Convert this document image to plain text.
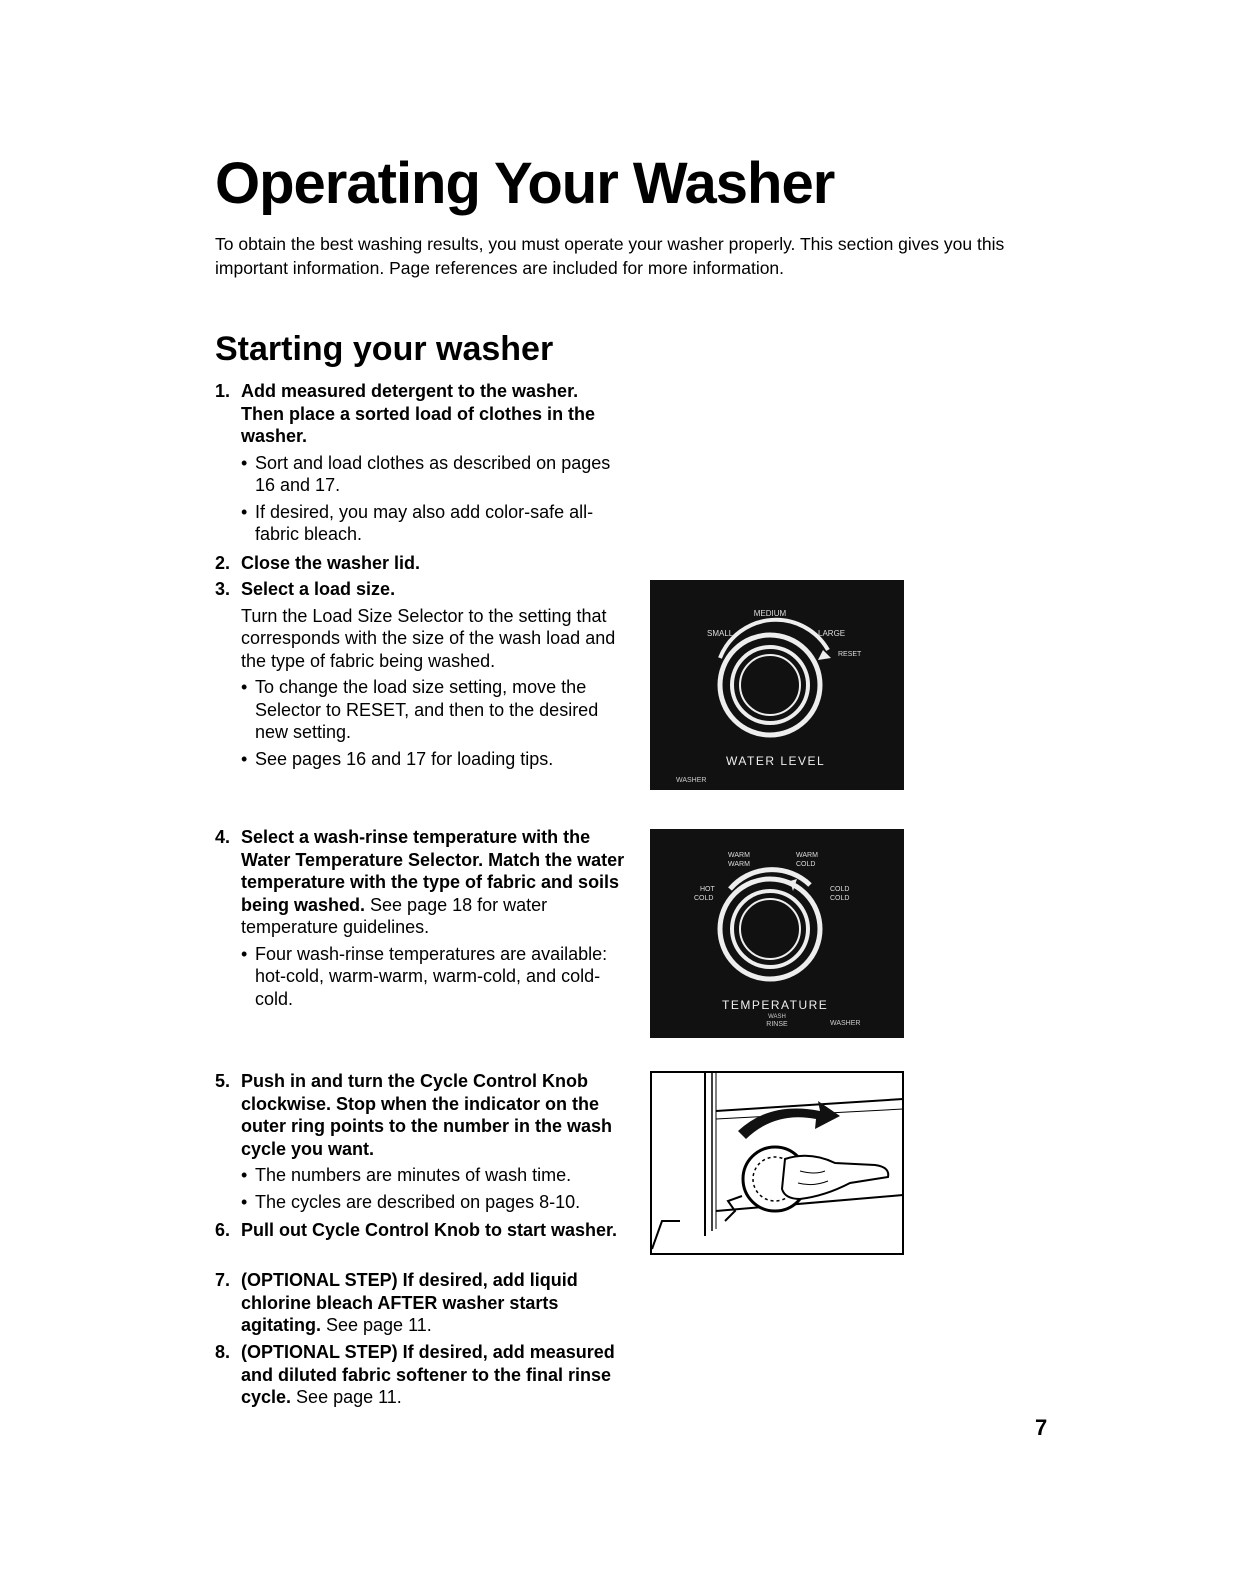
Operating Your Washer

To obtain the best washing results, you must operate your washer properly. This section gives you this important information. Page references are included for more information.

Starting your washer
1. Add measured detergent to the washer. Then place a sorted load of clothes in the washer.
• Sort and load clothes as described on pages 16 and 17.
• If desired, you may also add color-safe all-fabric bleach.
2. Close the washer lid.
3. Select a load size.
Turn the Load Size Selector to the setting that corresponds with the size of the wash load and the type of fabric being washed.
• To change the load size setting, move the Selector to RESET, and then to the desired new setting.
• See pages 16 and 17 for loading tips.
4. Select a wash-rinse temperature with the Water Temperature Selector. Match the water temperature with the type of fabric and soils being washed. See page 18 for water temperature guidelines.
• Four wash-rinse temperatures are available: hot-cold, warm-warm, warm-cold, and cold-cold.
5. Push in and turn the Cycle Control Knob clockwise. Stop when the indicator on the outer ring points to the number in the wash cycle you want.
• The numbers are minutes of wash time.
• The cycles are described on pages 8-10.
6. Pull out Cycle Control Knob to start washer.
7. (OPTIONAL STEP) If desired, add liquid chlorine bleach AFTER washer starts agitating. See page 11.
8. (OPTIONAL STEP) If desired, add measured and diluted fabric softener to the final rinse cycle. See page 11.
MEDIUM
SMALL	LARGE
RESET
WATER LEVEL
WASHER
WARM
WARM
WARM
COLD
HOT
COLD
COLD
COLD
TEMPERATURE
WASH
RINSE	WASHER
7
